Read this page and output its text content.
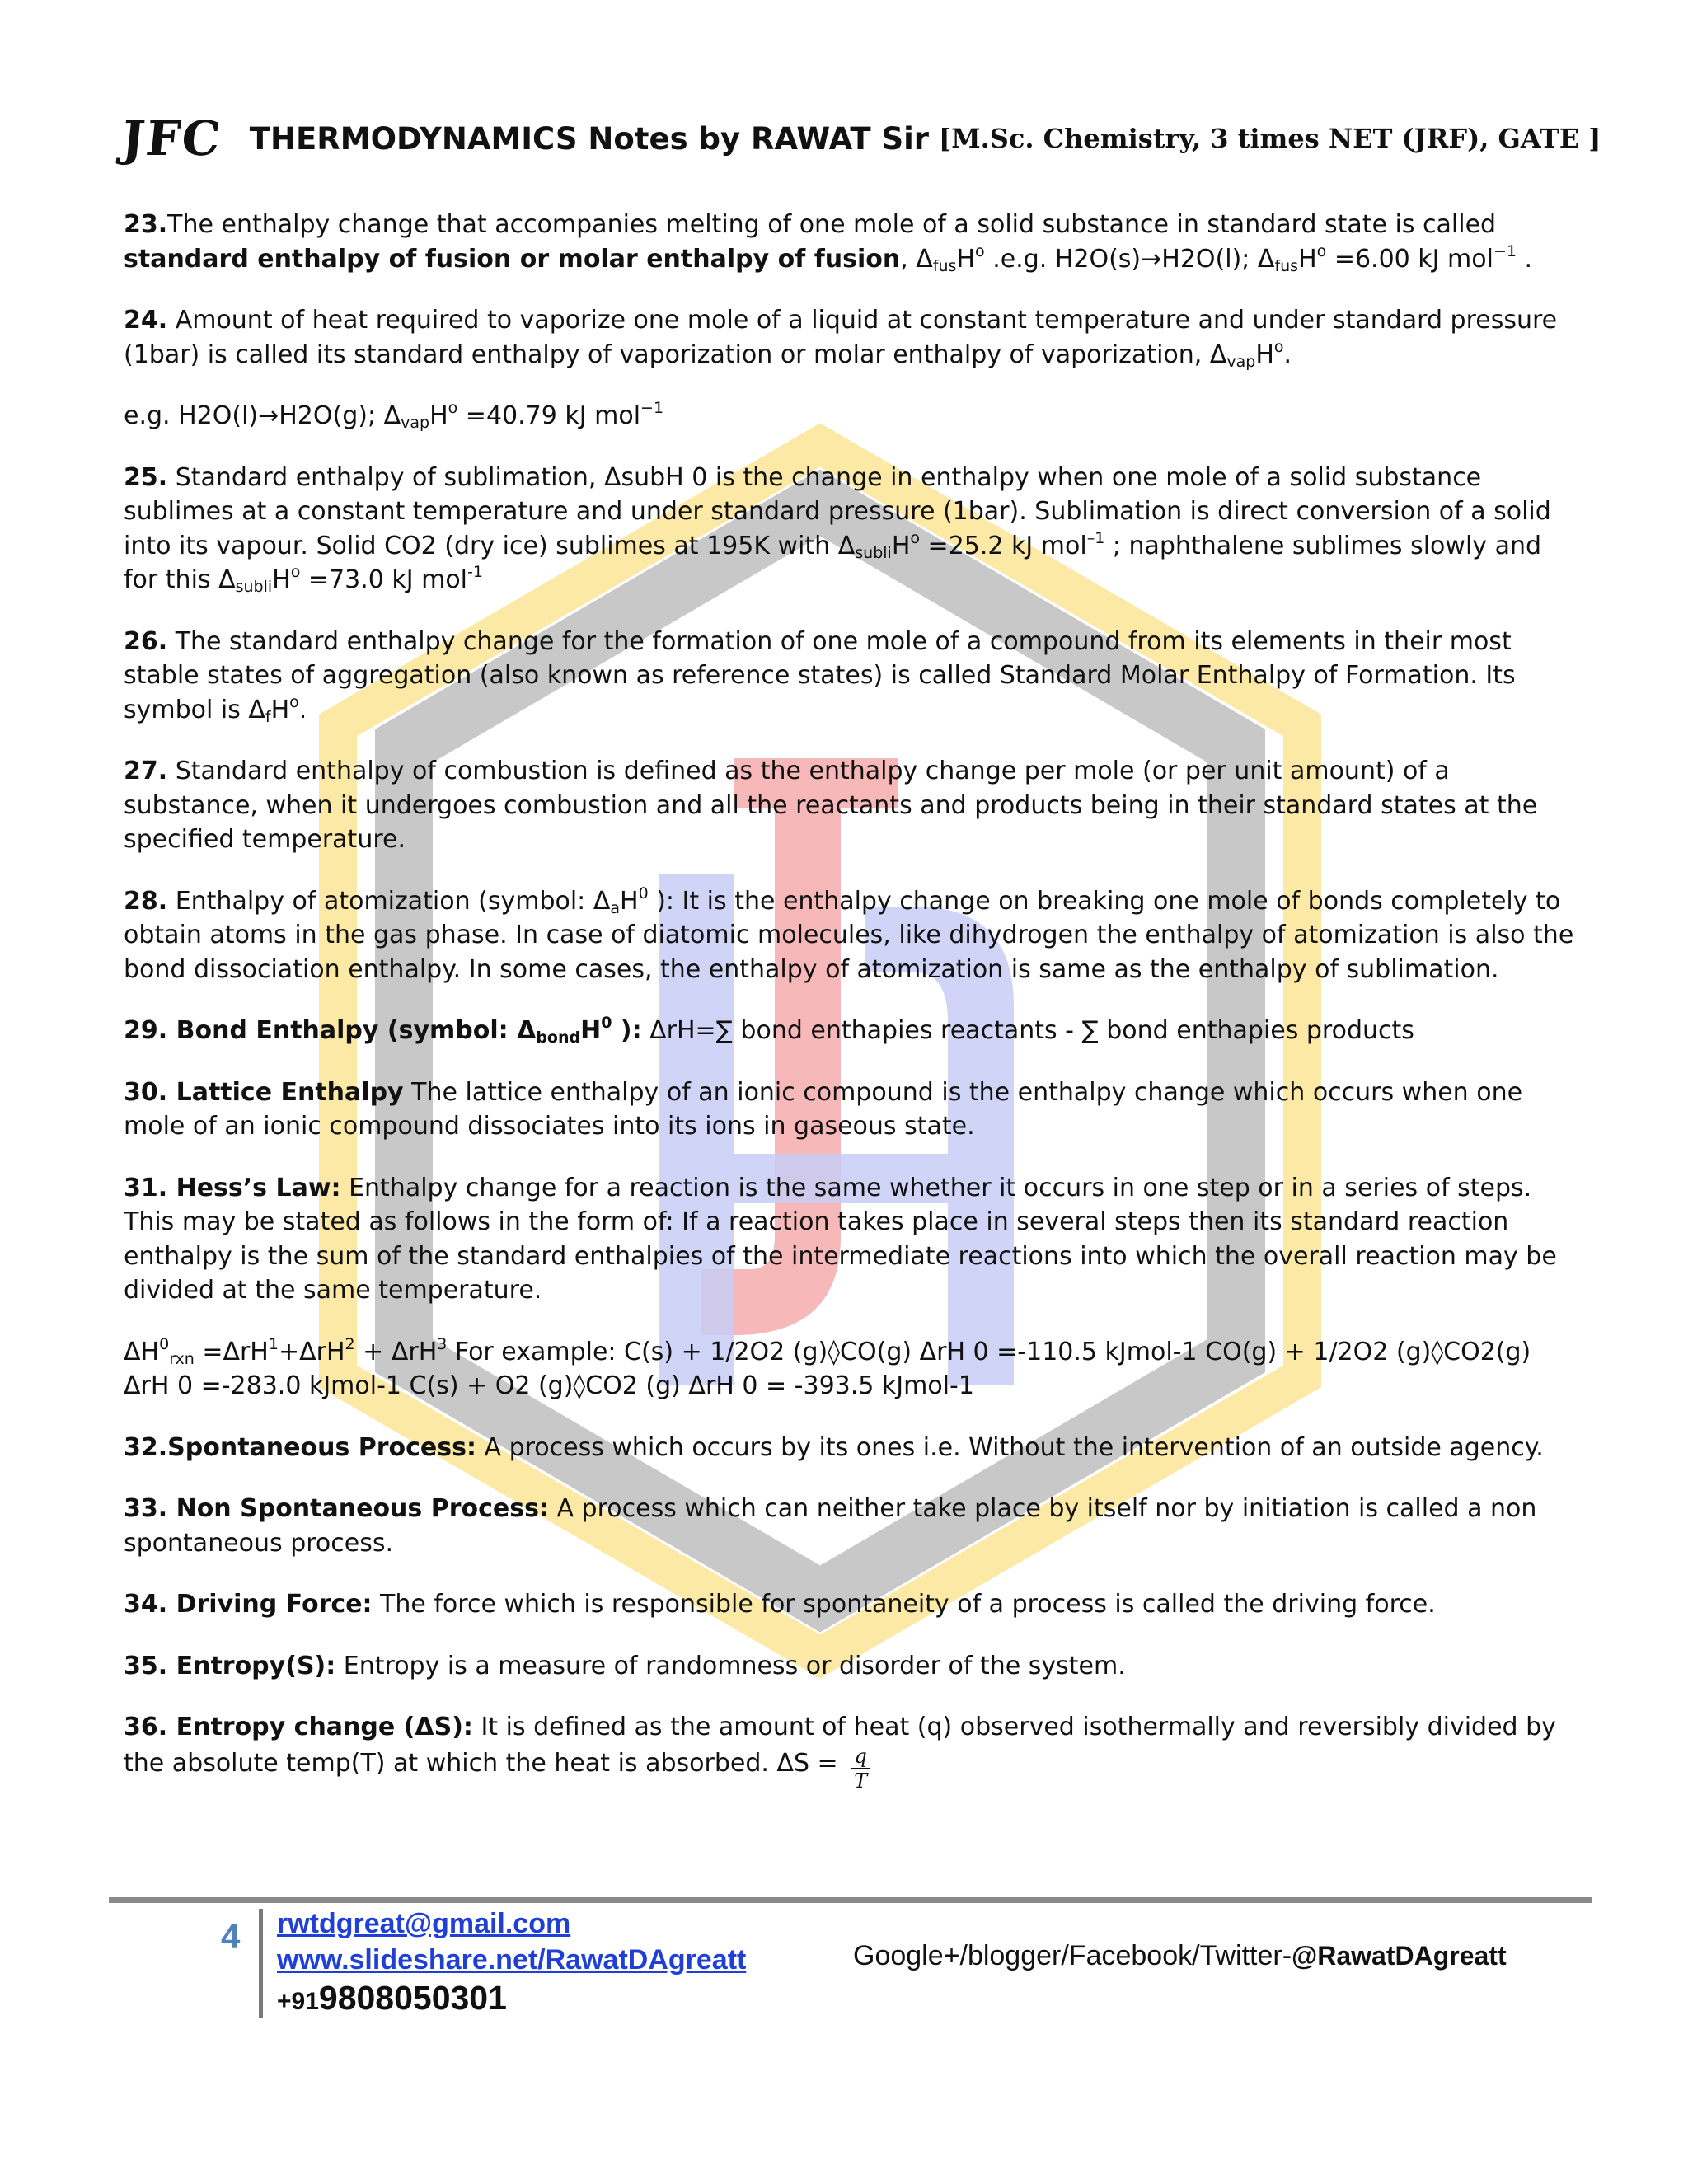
JFC THERMODYNAMICS Notes by RAWAT Sir [M.Sc. Chemistry, 3 times NET (JRF), GATE ]

23.The enthalpy change that accompanies melting of one mole of a solid substance in standard state is called standard enthalpy of fusion or molar enthalpy of fusion, $\Delta_{fus}H^o$ .e.g. H2O(s)→H2O(l); $\Delta_{fus}H^o =6.00$ kJ mol$^{-1}$ .

24. Amount of heat required to vaporize one mole of a liquid at constant temperature and under standard pressure (1bar) is called its standard enthalpy of vaporization or molar enthalpy of vaporization, $\Delta_{vap}H^o$.

e.g. H2O(l)→H2O(g); $\Delta_{vap}H^o =40.79$ kJ mol$^{-1}$

25. Standard enthalpy of sublimation, ΔsubH 0 is the change in enthalpy when one mole of a solid substance sublimes at a constant temperature and under standard pressure (1bar). Sublimation is direct conversion of a solid into its vapour. Solid CO2 (dry ice) sublimes at 195K with $\Delta_{subli}H^o =25.2$ kJ mol$^{-1}$ ; naphthalene sublimes slowly and for this $\Delta_{subli}H^o =73.0$ kJ mol$^{-1}$

26. The standard enthalpy change for the formation of one mole of a compound from its elements in their most stable states of aggregation (also known as reference states) is called Standard Molar Enthalpy of Formation. Its symbol is $\Delta_fH^o$.

27. Standard enthalpy of combustion is defined as the enthalpy change per mole (or per unit amount) of a substance, when it undergoes combustion and all the reactants and products being in their standard states at the specified temperature.

28. Enthalpy of atomization (symbol: $\Delta_aH^0$ ): It is the enthalpy change on breaking one mole of bonds completely to obtain atoms in the gas phase. In case of diatomic molecules, like dihydrogen the enthalpy of atomization is also the bond dissociation enthalpy. In some cases, the enthalpy of atomization is same as the enthalpy of sublimation.

29. Bond Enthalpy (symbol: $\Delta_{bond}H^0$ ): ΔrH=∑ bond enthapies reactants - ∑ bond enthapies products

30. Lattice Enthalpy The lattice enthalpy of an ionic compound is the enthalpy change which occurs when one mole of an ionic compound dissociates into its ions in gaseous state.

31. Hess’s Law: Enthalpy change for a reaction is the same whether it occurs in one step or in a series of steps. This may be stated as follows in the form of: If a reaction takes place in several steps then its standard reaction enthalpy is the sum of the standard enthalpies of the intermediate reactions into which the overall reaction may be divided at the same temperature.

$\Delta H^0_{rxn} =\Delta rH^1+\Delta rH^2 + \Delta rH^3$ For example: C(s) + 1/2O2 (g)◊CO(g) ΔrH 0 =-110.5 kJmol-1 CO(g) + 1/2O2 (g)◊CO2(g) ΔrH 0 =-283.0 kJmol-1 C(s) + O2 (g)◊CO2 (g) ΔrH 0 = -393.5 kJmol-1

32.Spontaneous Process: A process which occurs by its ones i.e. Without the intervention of an outside agency.

33. Non Spontaneous Process: A process which can neither take place by itself nor by initiation is called a non spontaneous process.

34. Driving Force: The force which is responsible for spontaneity of a process is called the driving force.

35. Entropy(S): Entropy is a measure of randomness or disorder of the system.

36. Entropy change (ΔS): It is defined as the amount of heat (q) observed isothermally and reversibly divided by the absolute temp(T) at which the heat is absorbed. $\Delta S = \frac{q}{T}$

4 rwtdgreat@gmail.com
www.slideshare.net/RawatDAgreatt
+919808050301
Google+/blogger/Facebook/Twitter-@RawatDAgreatt
